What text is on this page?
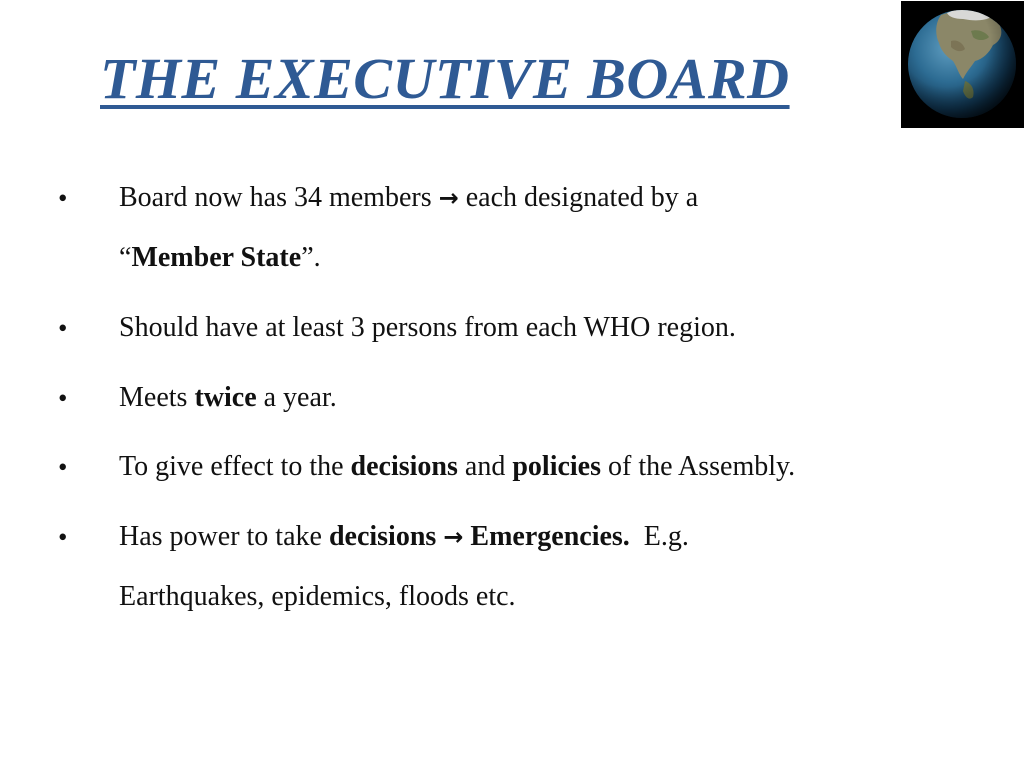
THE EXECUTIVE BOARD
• Board now has 34 members → each designated by a
“Member State”.
• Should have at least 3 persons from each WHO region.
• Meets twice a year.
• To give effect to the decisions and policies of the Assembly.
• Has power to take decisions → Emergencies.  E.g.
Earthquakes, epidemics, floods etc.
